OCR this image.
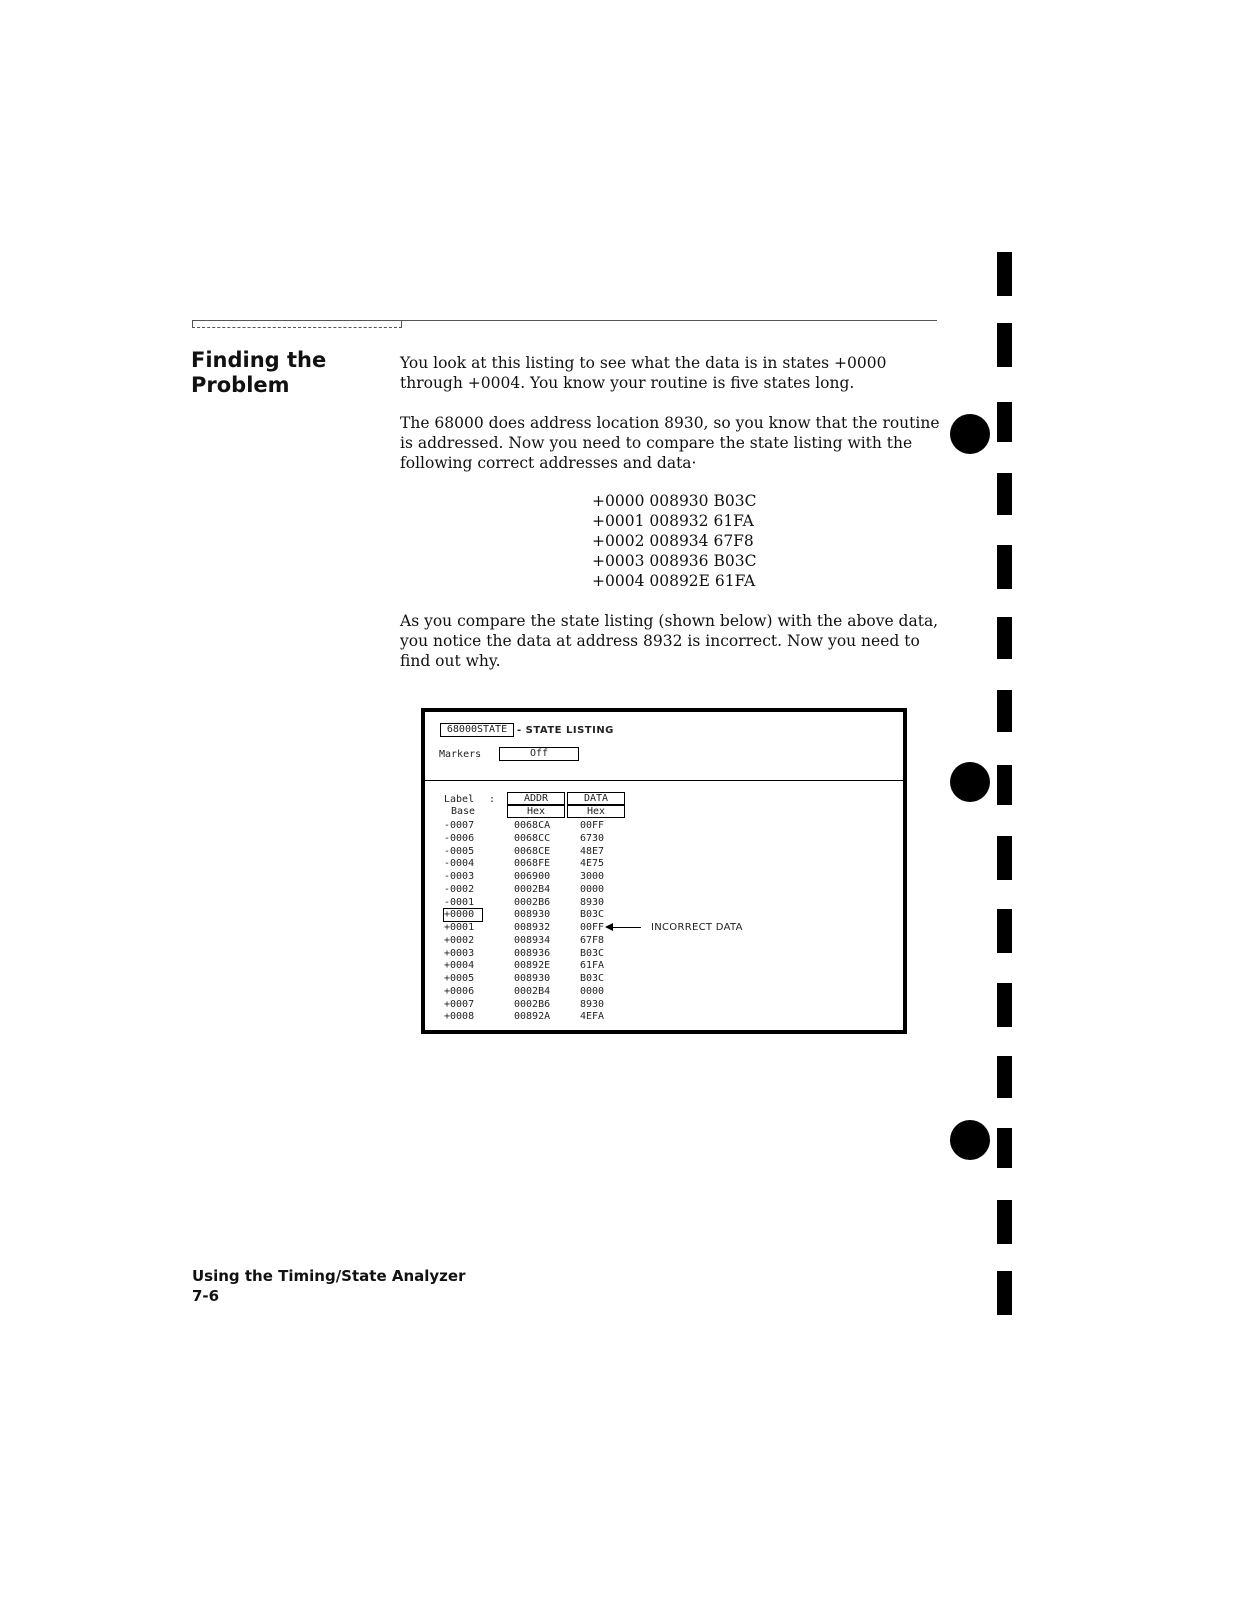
Finding the
Problem
You look at this listing to see what the data is in states +0000 through +0004. You know your routine is five states long.
The 68000 does address location 8930, so you know that the routine is addressed. Now you need to compare the state listing with the following correct addresses and data·
+0000 008930 B03C
+0001 008932 61FA
+0002 008934 67F8
+0003 008936 B03C
+0004 00892E 61FA
As you compare the state listing (shown below) with the above data, you notice the data at address 8932 is incorrect. Now you need to find out why.
68000STATE - STATE LISTING
Markers	Off
Label :
Base
ADDR	DATA
Hex	Hex
-0007	0068CA	00FF
-0006	0068CC	6730
-0005	0068CE	48E7
-0004	0068FE	4E75
-0003	006900	3000
-0002	0002B4	0000
-0001	0002B6	8930
+0000	008930	B03C
+0001	008932	00FF	INCORRECT DATA
+0002	008934	67F8
+0003	008936	B03C
+0004	00892E	61FA
+0005	008930	B03C
+0006	0002B4	0000
+0007	0002B6	8930
+0008	00892A	4EFA
Using the Timing/State Analyzer
7-6
